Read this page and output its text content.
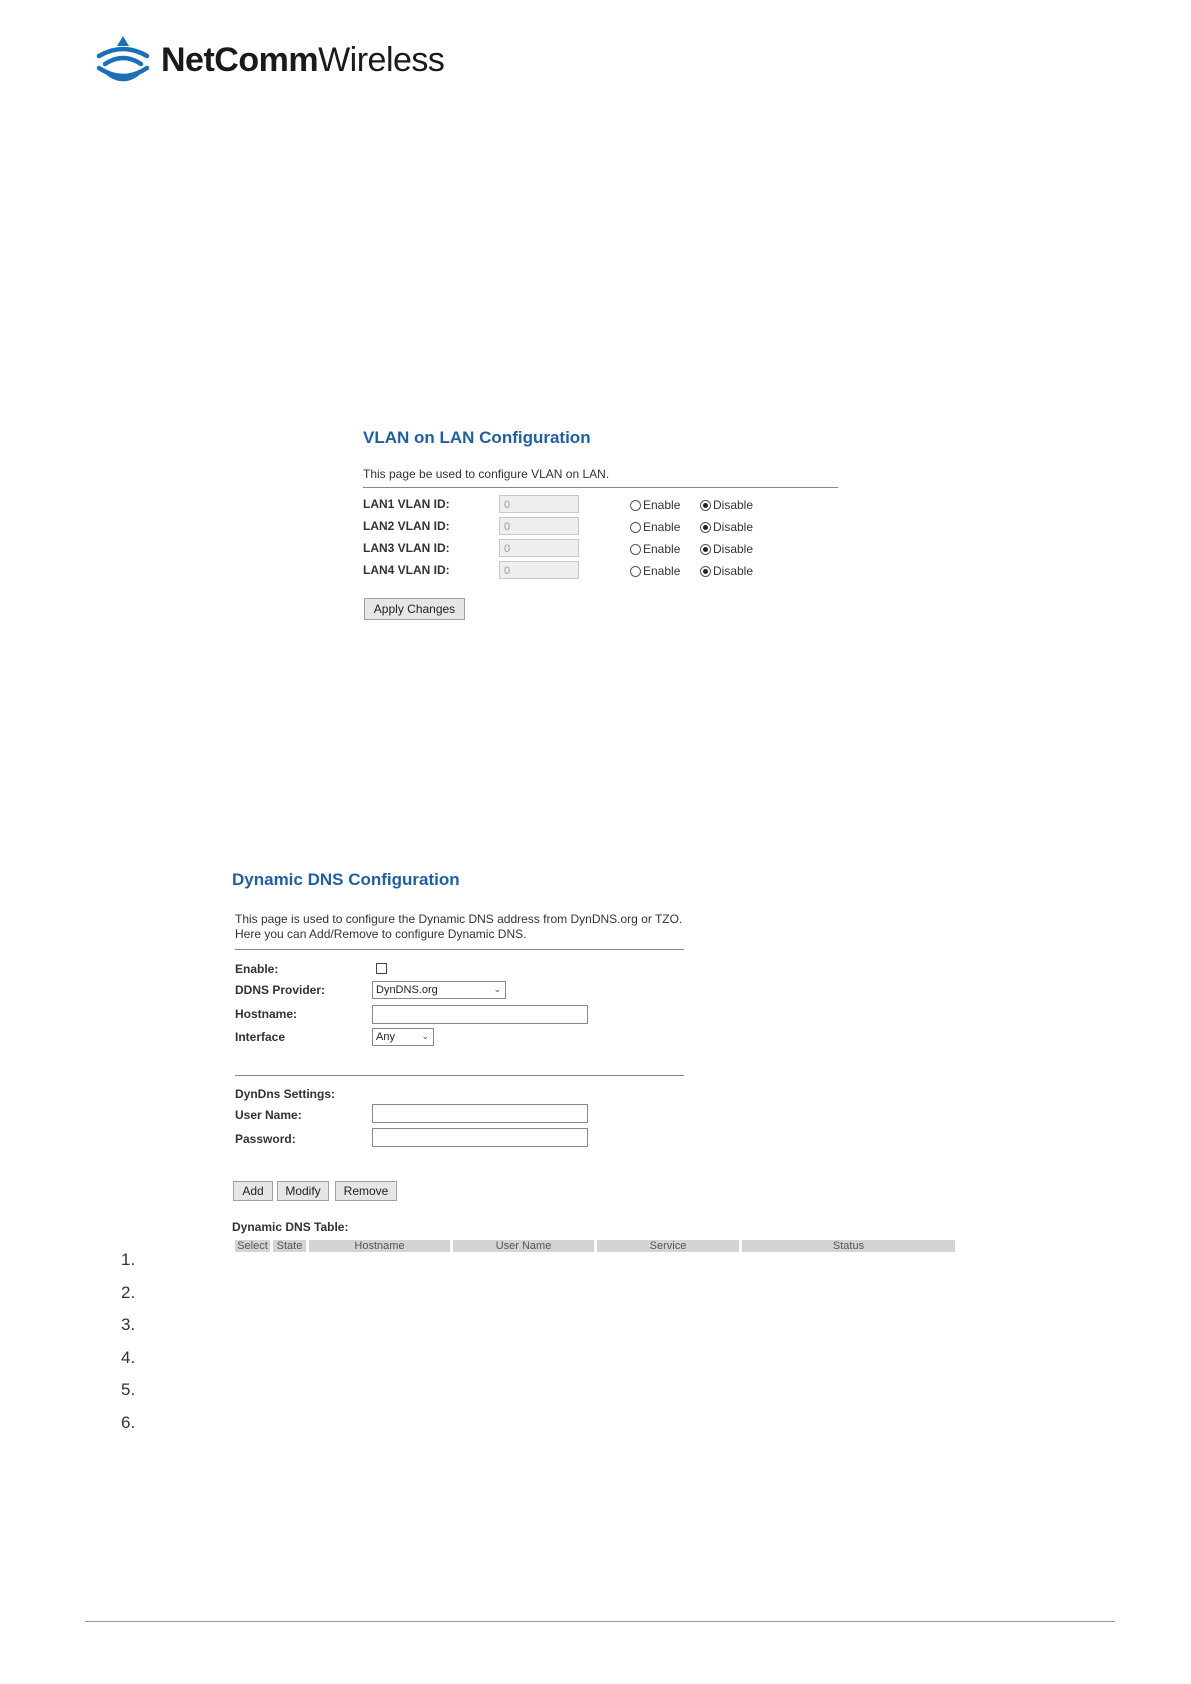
NetCommWireless
VLAN on LAN Configuration
This page be used to configure VLAN on LAN.
LAN1 VLAN ID:	0	Enable	Disable
LAN2 VLAN ID:	0	Enable	Disable
LAN3 VLAN ID:	0	Enable	Disable
LAN4 VLAN ID:	0	Enable	Disable
Apply Changes
Dynamic DNS Configuration
This page is used to configure the Dynamic DNS address from DynDNS.org or TZO.
Here you can Add/Remove to configure Dynamic DNS.
Enable:
DDNS Provider:	DynDNS.org	⌄
Hostname:
Interface	Any	⌄
DynDns Settings:
User Name:
Password:
Add	Modify	Remove
Dynamic DNS Table:
Select State	Hostname	User Name	Service	Status
1.
2.
3.
4.
5.
6.
